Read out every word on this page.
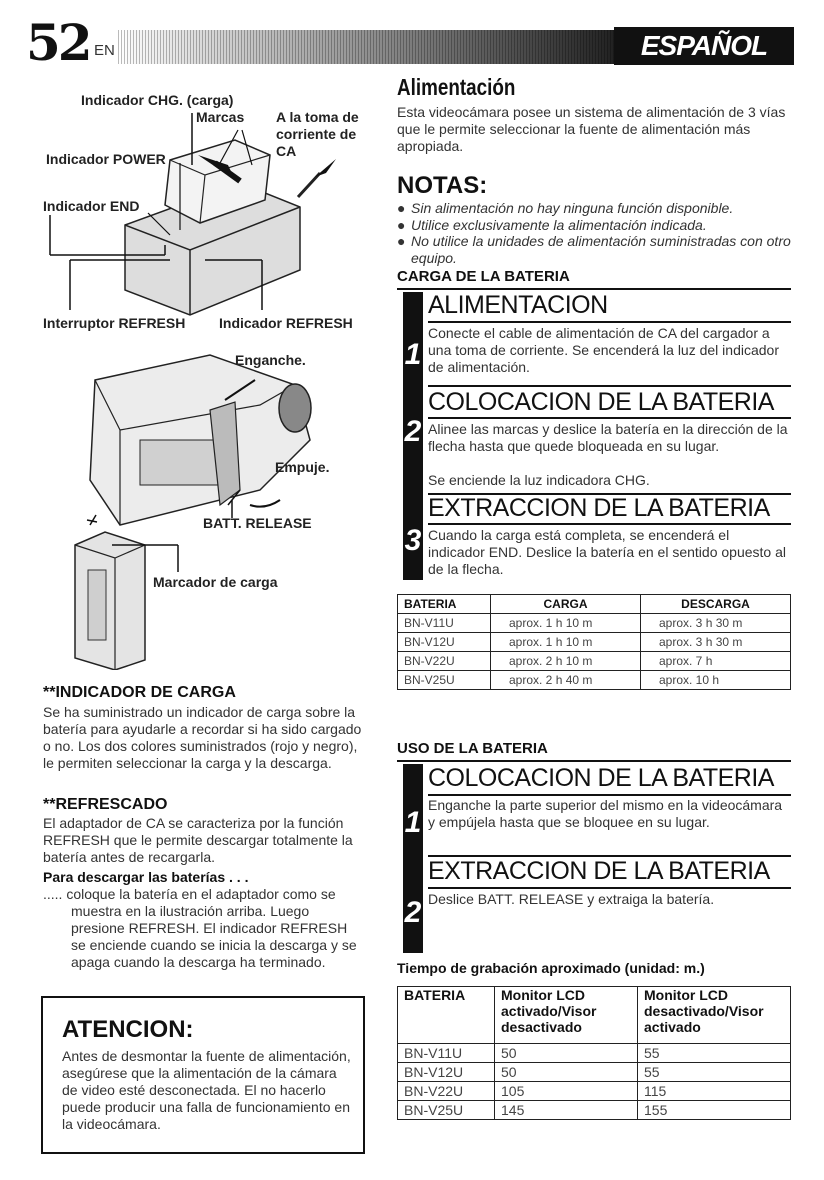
52 EN	ESPAÑOL
Indicador CHG. (carga)
Marcas A la toma de
corriente de
CA
Indicador POWER
Indicador END
Interruptor REFRESH Indicador REFRESH
Enganche.
Empuje.
BATT. RELEASE
Marcador de carga
**INDICADOR DE CARGA
Se ha suministrado un indicador de carga sobre la batería para ayudarle a recordar si ha sido cargado o no. Los dos colores suministrados (rojo y negro), le permiten seleccionar la carga y la descarga.
**REFRESCADO
El adaptador de CA se caracteriza por la función REFRESH que le permite descargar totalmente la batería antes de recargarla.
Para descargar las baterías . . .
..... coloque la batería en el adaptador como se muestra en la ilustración arriba. Luego presione REFRESH. El indicador REFRESH se enciende cuando se inicia la descarga y se apaga cuando la descarga ha terminado.
ATENCION:
Antes de desmontar la fuente de alimentación, asegúrese que la alimentación de la cámara de video esté desconectada. El no hacerlo puede producir una falla de funcionamiento en la videocámara.
Alimentación
Esta videocámara posee un sistema de alimentación de 3 vías que le permite seleccionar la fuente de alimentación más apropiada.
NOTAS:
● Sin alimentación no hay ninguna función disponible.
● Utilice exclusivamente la alimentación indicada.
● No utilice la unidades de alimentación suministradas con otro equipo.
CARGA DE LA BATERIA
1
ALIMENTACION
Conecte el cable de alimentación de CA del cargador a una toma de corriente. Se encenderá la luz del indicador de alimentación.
2
COLOCACION DE LA BATERIA
Alinee las marcas y deslice la batería en la dirección de la flecha hasta que quede bloqueada en su lugar.
Se enciende la luz indicadora CHG.
3
EXTRACCION DE LA BATERIA
Cuando la carga está completa, se encenderá el indicador END. Deslice la batería en el sentido opuesto al de la flecha.
BATERIA	CARGA	DESCARGA
BN-V11U	aprox. 1 h 10 m	aprox. 3 h 30 m
BN-V12U	aprox. 1 h 10 m	aprox. 3 h 30 m
BN-V22U	aprox. 2 h 10 m	aprox. 7 h
BN-V25U	aprox. 2 h 40 m	aprox. 10 h
USO DE LA BATERIA
1
COLOCACION DE LA BATERIA
Enganche la parte superior del mismo en la videocámara y empújela hasta que se bloquee en su lugar.
2
EXTRACCION DE LA BATERIA
Deslice BATT. RELEASE y extraiga la batería.
Tiempo de grabación aproximado (unidad: m.)
BATERIA	Monitor LCD activado/Visor desactivado	Monitor LCD desactivado/Visor activado
BN-V11U	50	55
BN-V12U	50	55
BN-V22U	105	115
BN-V25U	145	155
